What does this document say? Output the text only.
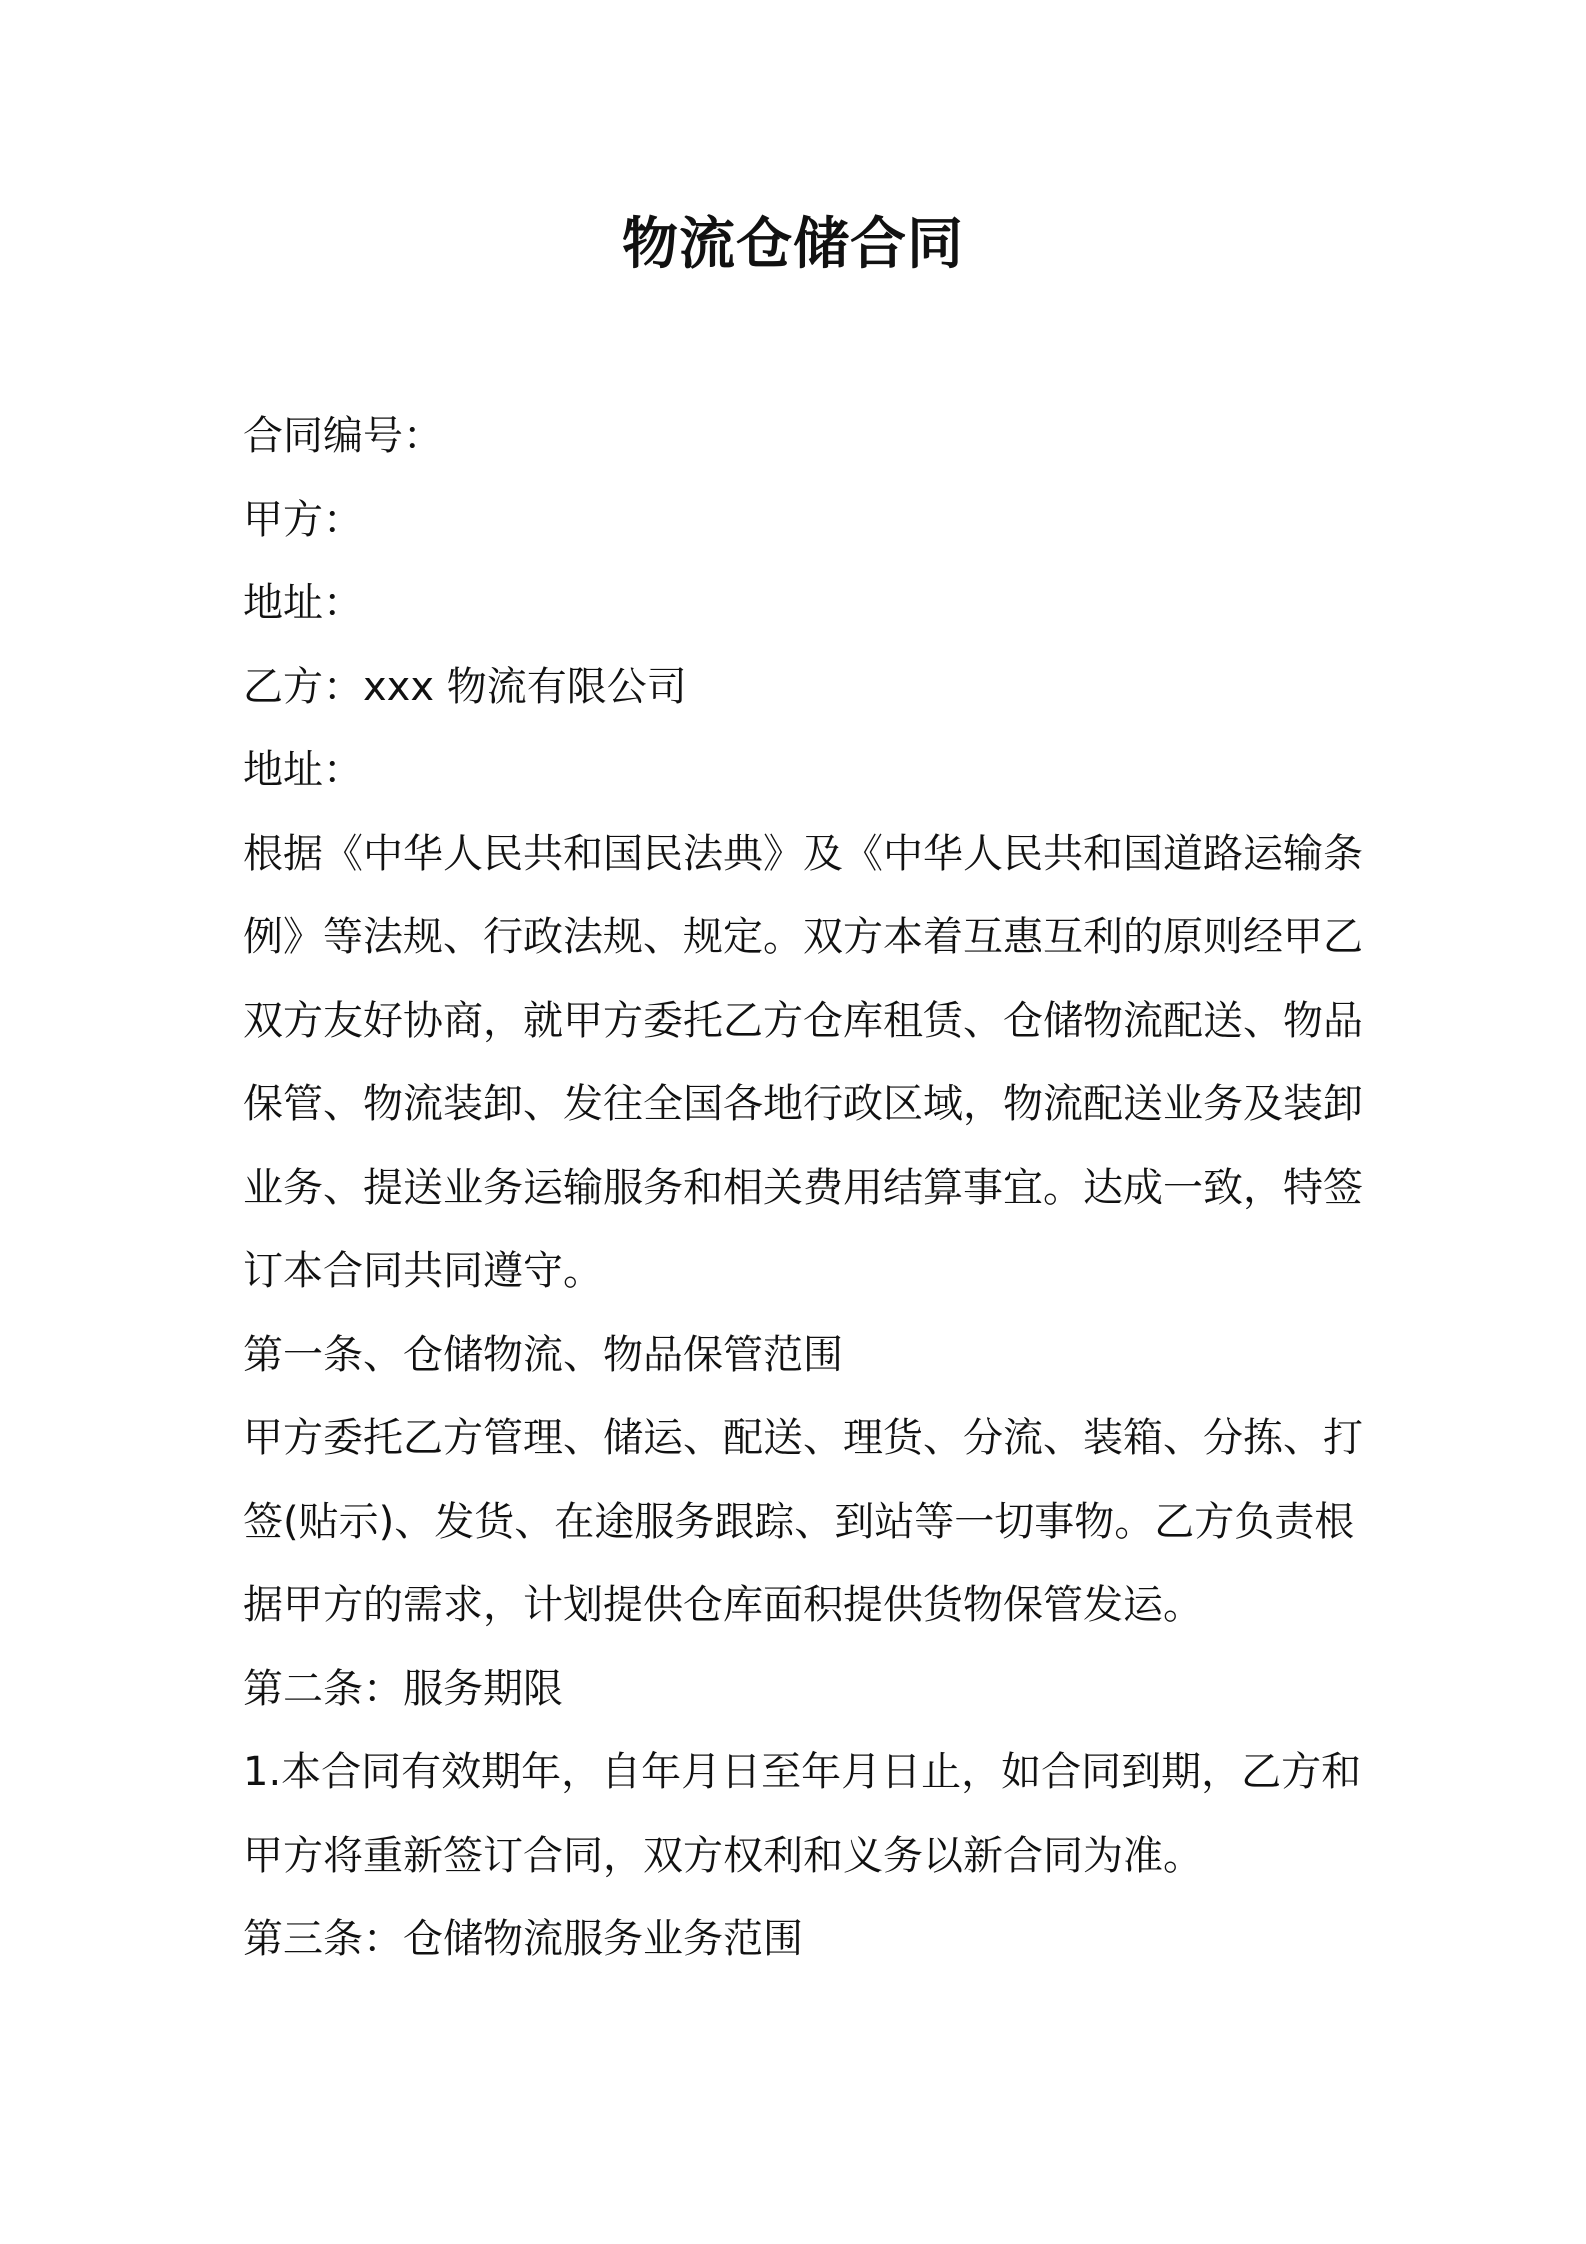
物流仓储合同
合同编号：
甲方：
地址：
乙方：xxx 物流有限公司
地址：
根据《中华人民共和国民法典》及《中华人民共和国道路运输条
例》等法规、行政法规、规定。双方本着互惠互利的原则经甲乙
双方友好协商，就甲方委托乙方仓库租赁、仓储物流配送、物品
保管、物流装卸、发往全国各地行政区域，物流配送业务及装卸
业务、提送业务运输服务和相关费用结算事宜。达成一致，特签
订本合同共同遵守。
第一条、仓储物流、物品保管范围
甲方委托乙方管理、储运、配送、理货、分流、装箱、分拣、打
签(贴示)、发货、在途服务跟踪、到站等一切事物。乙方负责根
据甲方的需求，计划提供仓库面积提供货物保管发运。
第二条：服务期限
1.本合同有效期年，自年月日至年月日止，如合同到期，乙方和
甲方将重新签订合同，双方权利和义务以新合同为准。
第三条：仓储物流服务业务范围
